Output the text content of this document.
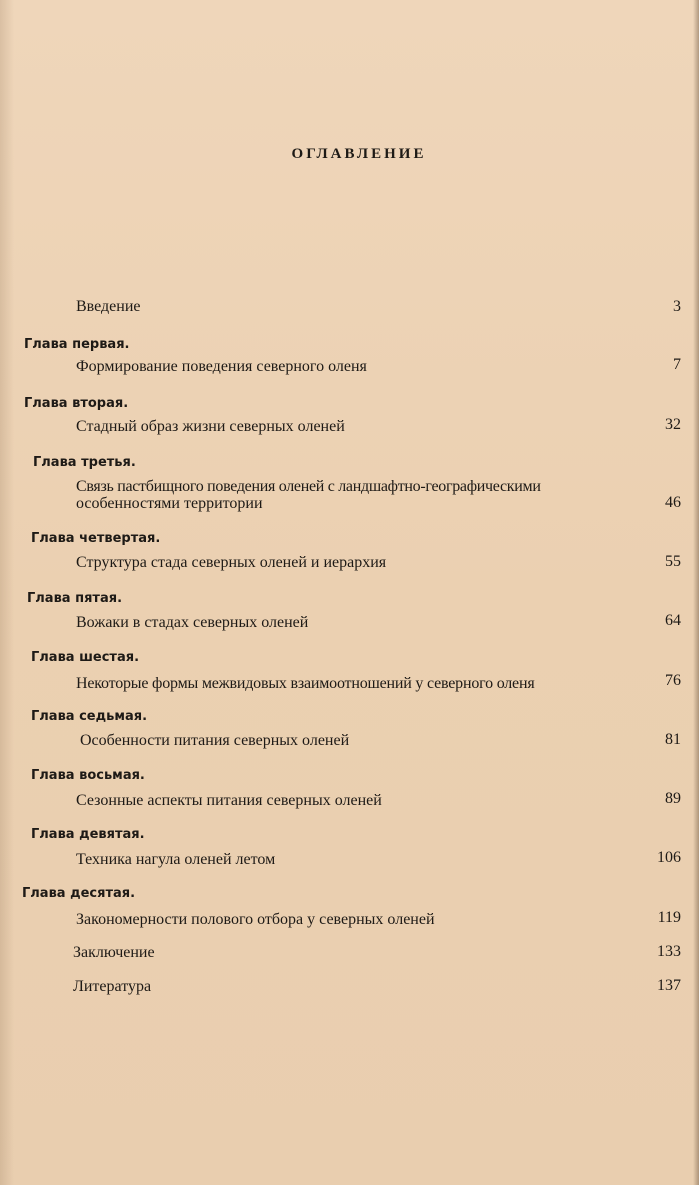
ОГЛАВЛЕНИЕ
Введение	3
Глава первая.
Формирование поведения северного оленя	7
Глава вторая.
Стадный образ жизни северных оленей	32
Глава третья.
Связь пастбищного поведения оленей с ландшафтно-географическими
особенностями территории	46
Глава четвертая.
Структура стада северных оленей и иерархия	55
Глава пятая.
Вожаки в стадах северных оленей	64
Глава шестая.
Некоторые формы межвидовых взаимоотношений у северного оленя	76
Глава седьмая.
Особенности питания северных оленей	81
Глава восьмая.
Сезонные аспекты питания северных оленей	89
Глава девятая.
Техника нагула оленей летом	106
Глава десятая.
Закономерности полового отбора у северных оленей	119
Заключение	133
Литература	137
